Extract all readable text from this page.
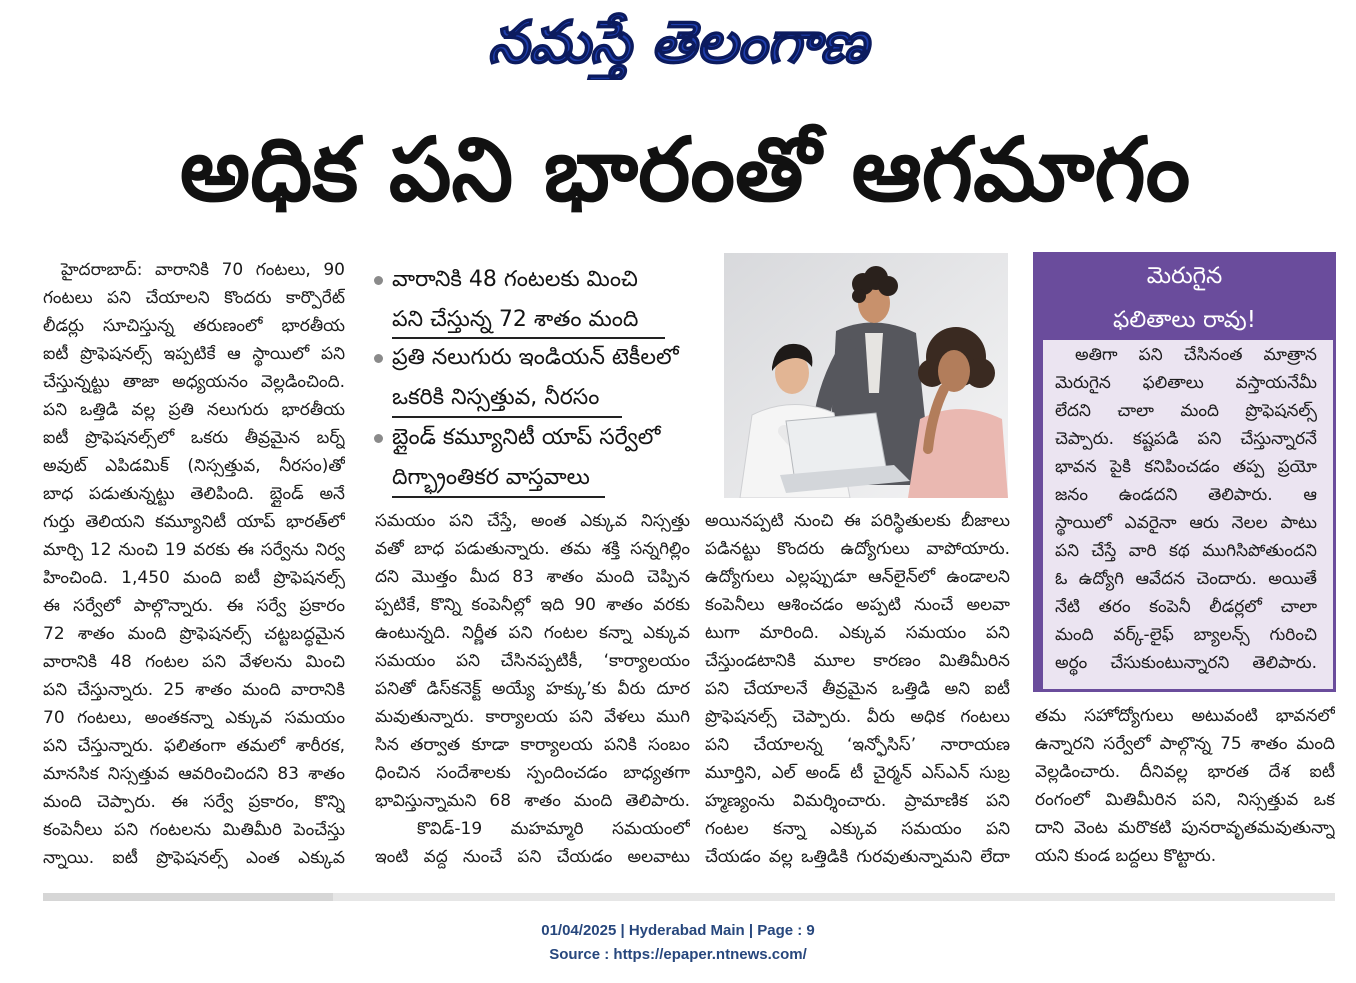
నమస్తే తెలంగాణ
అధిక పని భారంతో ఆగమాగం
హైదరాబాద్: వారానికి 70 గంటలు, 90
గంటలు పని చేయాలని కొందరు కార్పొరేట్
లీడర్లు సూచిస్తున్న తరుణంలో భారతీయ
ఐటీ ప్రొఫెషనల్స్ ఇప్పటికే ఆ స్థాయిలో పని
చేస్తున్నట్టు తాజా అధ్యయనం వెల్లడించింది.
పని ఒత్తిడి వల్ల ప్రతి నలుగురు భారతీయ
ఐటీ ప్రొఫెషనల్స్‌లో ఒకరు తీవ్రమైన బర్న్
అవుట్ ఎపిడమిక్ (నిస్సత్తువ, నీరసం)తో
బాధ పడుతున్నట్టు తెలిపింది. బ్లైండ్ అనే
గుర్తు తెలియని కమ్యూనిటీ యాప్ భారత్‌లో
మార్చి 12 నుంచి 19 వరకు ఈ సర్వేను నిర్వ
హించింది. 1,450 మంది ఐటీ ప్రొఫెషనల్స్
ఈ సర్వేలో పాల్గొన్నారు. ఈ సర్వే ప్రకారం
72 శాతం మంది ప్రొఫెషనల్స్ చట్టబద్ధమైన
వారానికి 48 గంటల పని వేళలను మించి
పని చేస్తున్నారు. 25 శాతం మంది వారానికి
70 గంటలు, అంతకన్నా ఎక్కువ సమయం
పని చేస్తున్నారు. ఫలితంగా తమలో శారీరక,
మానసిక నిస్సత్తువ ఆవరించిందని 83 శాతం
మంది చెప్పారు. ఈ సర్వే ప్రకారం, కొన్ని
కంపెనీలు పని గంటలను మితిమీరి పెంచేస్తు
న్నాయి. ఐటీ ప్రొఫెషనల్స్ ఎంత ఎక్కువ
వారానికి 48 గంటలకు మించి
పని చేస్తున్న 72 శాతం మంది
ప్రతి నలుగురు ఇండియన్ టెకీలలో
ఒకరికి నిస్సత్తువ, నీరసం
బ్లైండ్ కమ్యూనిటీ యాప్ సర్వేలో
దిగ్భ్రాంతికర వాస్తవాలు
సమయం పని చేస్తే, అంత ఎక్కువ నిస్సత్తు
వతో బాధ పడుతున్నారు. తమ శక్తి సన్నగిల్లిం
దని మొత్తం మీద 83 శాతం మంది చెప్పిన
ప్పటికే, కొన్ని కంపెనీల్లో ఇది 90 శాతం వరకు
ఉంటున్నది. నిర్ణీత పని గంటల కన్నా ఎక్కువ
సమయం పని చేసినప్పటికీ, ‘కార్యాలయం
పనితో డిస్‌కనెక్ట్ అయ్యే హక్కు’కు వీరు దూర
మవుతున్నారు. కార్యాలయ పని వేళలు ముగి
సిన తర్వాత కూడా కార్యాలయ పనికి సంబం
ధించిన సందేశాలకు స్పందించడం బాధ్యతగా
భావిస్తున్నామని 68 శాతం మంది తెలిపారు.
కొవిడ్-19 మహమ్మారి సమయంలో
ఇంటి వద్ద నుంచే పని చేయడం అలవాటు
అయినప్పటి నుంచి ఈ పరిస్థితులకు బీజాలు
పడినట్టు కొందరు ఉద్యోగులు వాపోయారు.
ఉద్యోగులు ఎల్లప్పుడూ ఆన్‌లైన్‌లో ఉండాలని
కంపెనీలు ఆశించడం అప్పటి నుంచే అలవా
టుగా మారింది. ఎక్కువ సమయం పని
చేస్తుండటానికి మూల కారణం మితిమీరిన
పని చేయాలనే తీవ్రమైన ఒత్తిడి అని ఐటీ
ప్రొఫెషనల్స్ చెప్పారు. వీరు అధిక గంటలు
పని చేయాలన్న ‘ఇన్ఫోసిస్’ నారాయణ
మూర్తిని, ఎల్ అండ్ టీ చైర్మన్ ఎస్ఎన్ సుబ్ర
హ్మణ్యంను విమర్శించారు. ప్రామాణిక పని
గంటల కన్నా ఎక్కువ సమయం పని
చేయడం వల్ల ఒత్తిడికి గురవుతున్నామని లేదా
మెరుగైన
ఫలితాలు రావు!
అతిగా పని చేసినంత మాత్రాన
మెరుగైన ఫలితాలు వస్తాయనేమీ
లేదని చాలా మంది ప్రొఫెషనల్స్
చెప్పారు. కష్టపడి పని చేస్తున్నారనే
భావన పైకి కనిపించడం తప్ప ప్రయో
జనం ఉండదని తెలిపారు. ఆ
స్థాయిలో ఎవరైనా ఆరు నెలల పాటు
పని చేస్తే వారి కథ ముగిసిపోతుందని
ఓ ఉద్యోగి ఆవేదన చెందారు. అయితే
నేటి తరం కంపెనీ లీడర్లలో చాలా
మంది వర్క్-లైఫ్ బ్యాలన్స్ గురించి
అర్థం చేసుకుంటున్నారని తెలిపారు.
తమ సహోద్యోగులు అటువంటి భావనలో
ఉన్నారని సర్వేలో పాల్గొన్న 75 శాతం మంది
వెల్లడించారు. దీనివల్ల భారత దేశ ఐటీ
రంగంలో మితిమీరిన పని, నిస్సత్తువ ఒక
దాని వెంట మరొకటి పునరావృతమవుతున్నా
యని కుండ బద్దలు కొట్టారు.
01/04/2025 | Hyderabad Main | Page : 9
Source : https://epaper.ntnews.com/
